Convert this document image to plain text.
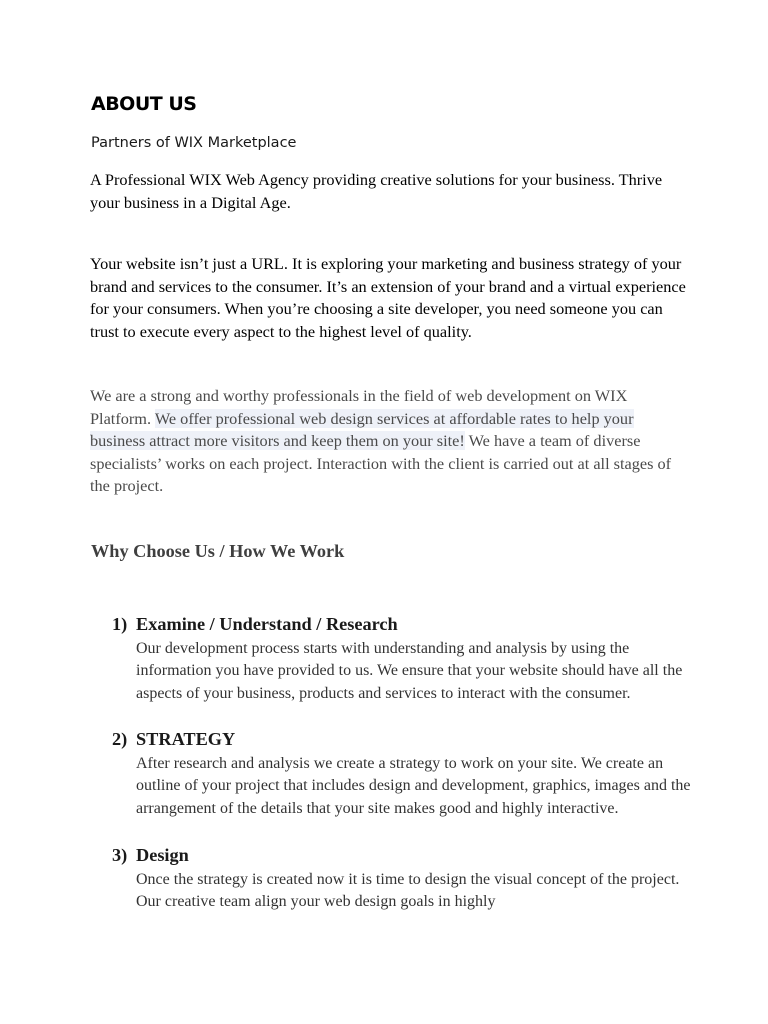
ABOUT US

Partners of WIX Marketplace

A Professional WIX Web Agency providing creative solutions for your business. Thrive your business in a Digital Age.

Your website isn’t just a URL. It is exploring your marketing and business strategy of your brand and services to the consumer. It’s an extension of your brand and a virtual experience for your consumers. When you’re choosing a site developer, you need someone you can trust to execute every aspect to the highest level of quality.

We are a strong and worthy professionals in the field of web development on WIX Platform. We offer professional web design services at affordable rates to help your business attract more visitors and keep them on your site! We have a team of diverse specialists’ works on each project. Interaction with the client is carried out at all stages of the project.

Why Choose Us / How We Work
1) Examine / Understand / Research

Our development process starts with understanding and analysis by using the information you have provided to us. We ensure that your website should have all the aspects of your business, products and services to interact with the consumer.

2) STRATEGY

After research and analysis we create a strategy to work on your site. We create an outline of your project that includes design and development, graphics, images and the arrangement of the details that your site makes good and highly interactive.

3) Design

Once the strategy is created now it is time to design the visual concept of the project. Our creative team align your web design goals in highly
